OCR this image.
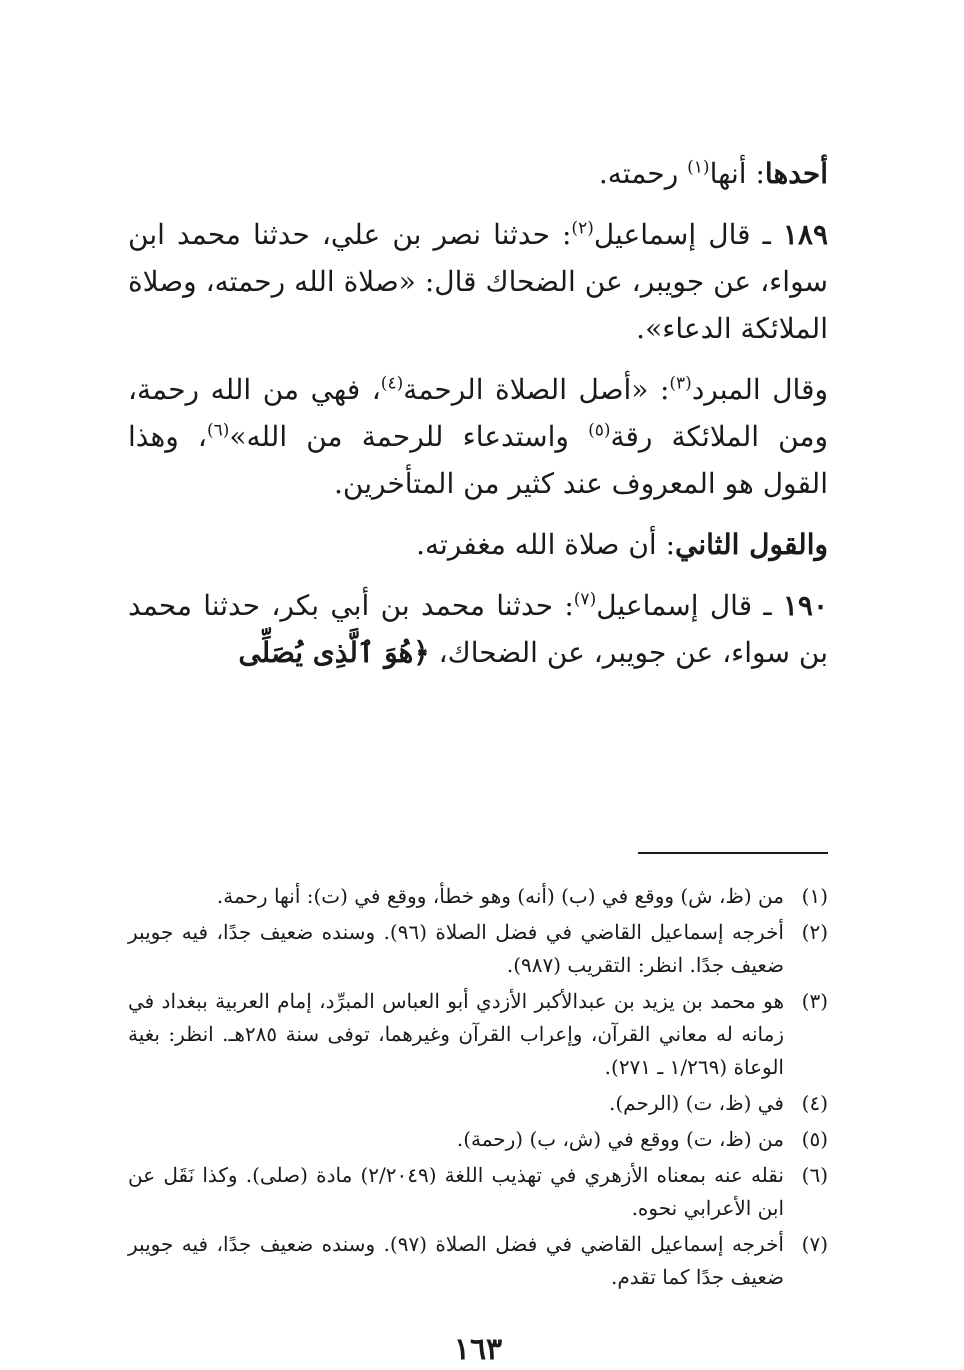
أحدها: أنها$^{(١)}$ رحمته.

١٨٩ ـ قال إسماعيل$^{(٢)}$: حدثنا نصر بن علي، حدثنا محمد ابن سواء، عن جويبر، عن الضحاك قال: «صلاة الله رحمته، وصلاة الملائكة الدعاء».

وقال المبرد$^{(٣)}$: «أصل الصلاة الرحمة$^{(٤)}$، فهي من الله رحمة، ومن الملائكة رقة$^{(٥)}$ واستدعاء للرحمة من الله»$^{(٦)}$، وهذا القول هو المعروف عند كثير من المتأخرين.

والقول الثاني: أن صلاة الله مغفرته.

١٩٠ ـ قال إسماعيل$^{(٧)}$: حدثنا محمد بن أبي بكر، حدثنا محمد بن سواء، عن جويبر، عن الضحاك، ﴿هُوَ ٱلَّذِى يُصَلِّى

(١)
من (ظ، ش) ووقع في (ب) (أنه) وهو خطأ، ووقع في (ت): أنها رحمة.
(٢)
أخرجه إسماعيل القاضي في فضل الصلاة (٩٦). وسنده ضعيف جدًا، فيه جويبر ضعيف جدًا. انظر: التقريب (٩٨٧).
(٣)
هو محمد بن يزيد بن عبدالأكبر الأزدي أبو العباس المبرِّد، إمام العربية ببغداد في زمانه له معاني القرآن، وإعراب القرآن وغيرهما، توفى سنة ٢٨٥هـ. انظر: بغية الوعاة (١/٢٦٩ ـ ٢٧١).
(٤)
في (ظ، ت) (الرحم).
(٥)
من (ظ، ت) ووقع في (ش، ب) (رحمة).
(٦)
نقله عنه بمعناه الأزهري في تهذيب اللغة (٢/٢٠٤٩) مادة (صلى). وكذا نَقَل عن ابن الأعرابي نحوه.
(٧)
أخرجه إسماعيل القاضي في فضل الصلاة (٩٧). وسنده ضعيف جدًا، فيه جويبر ضعيف جدًا كما تقدم.
١٦٣
